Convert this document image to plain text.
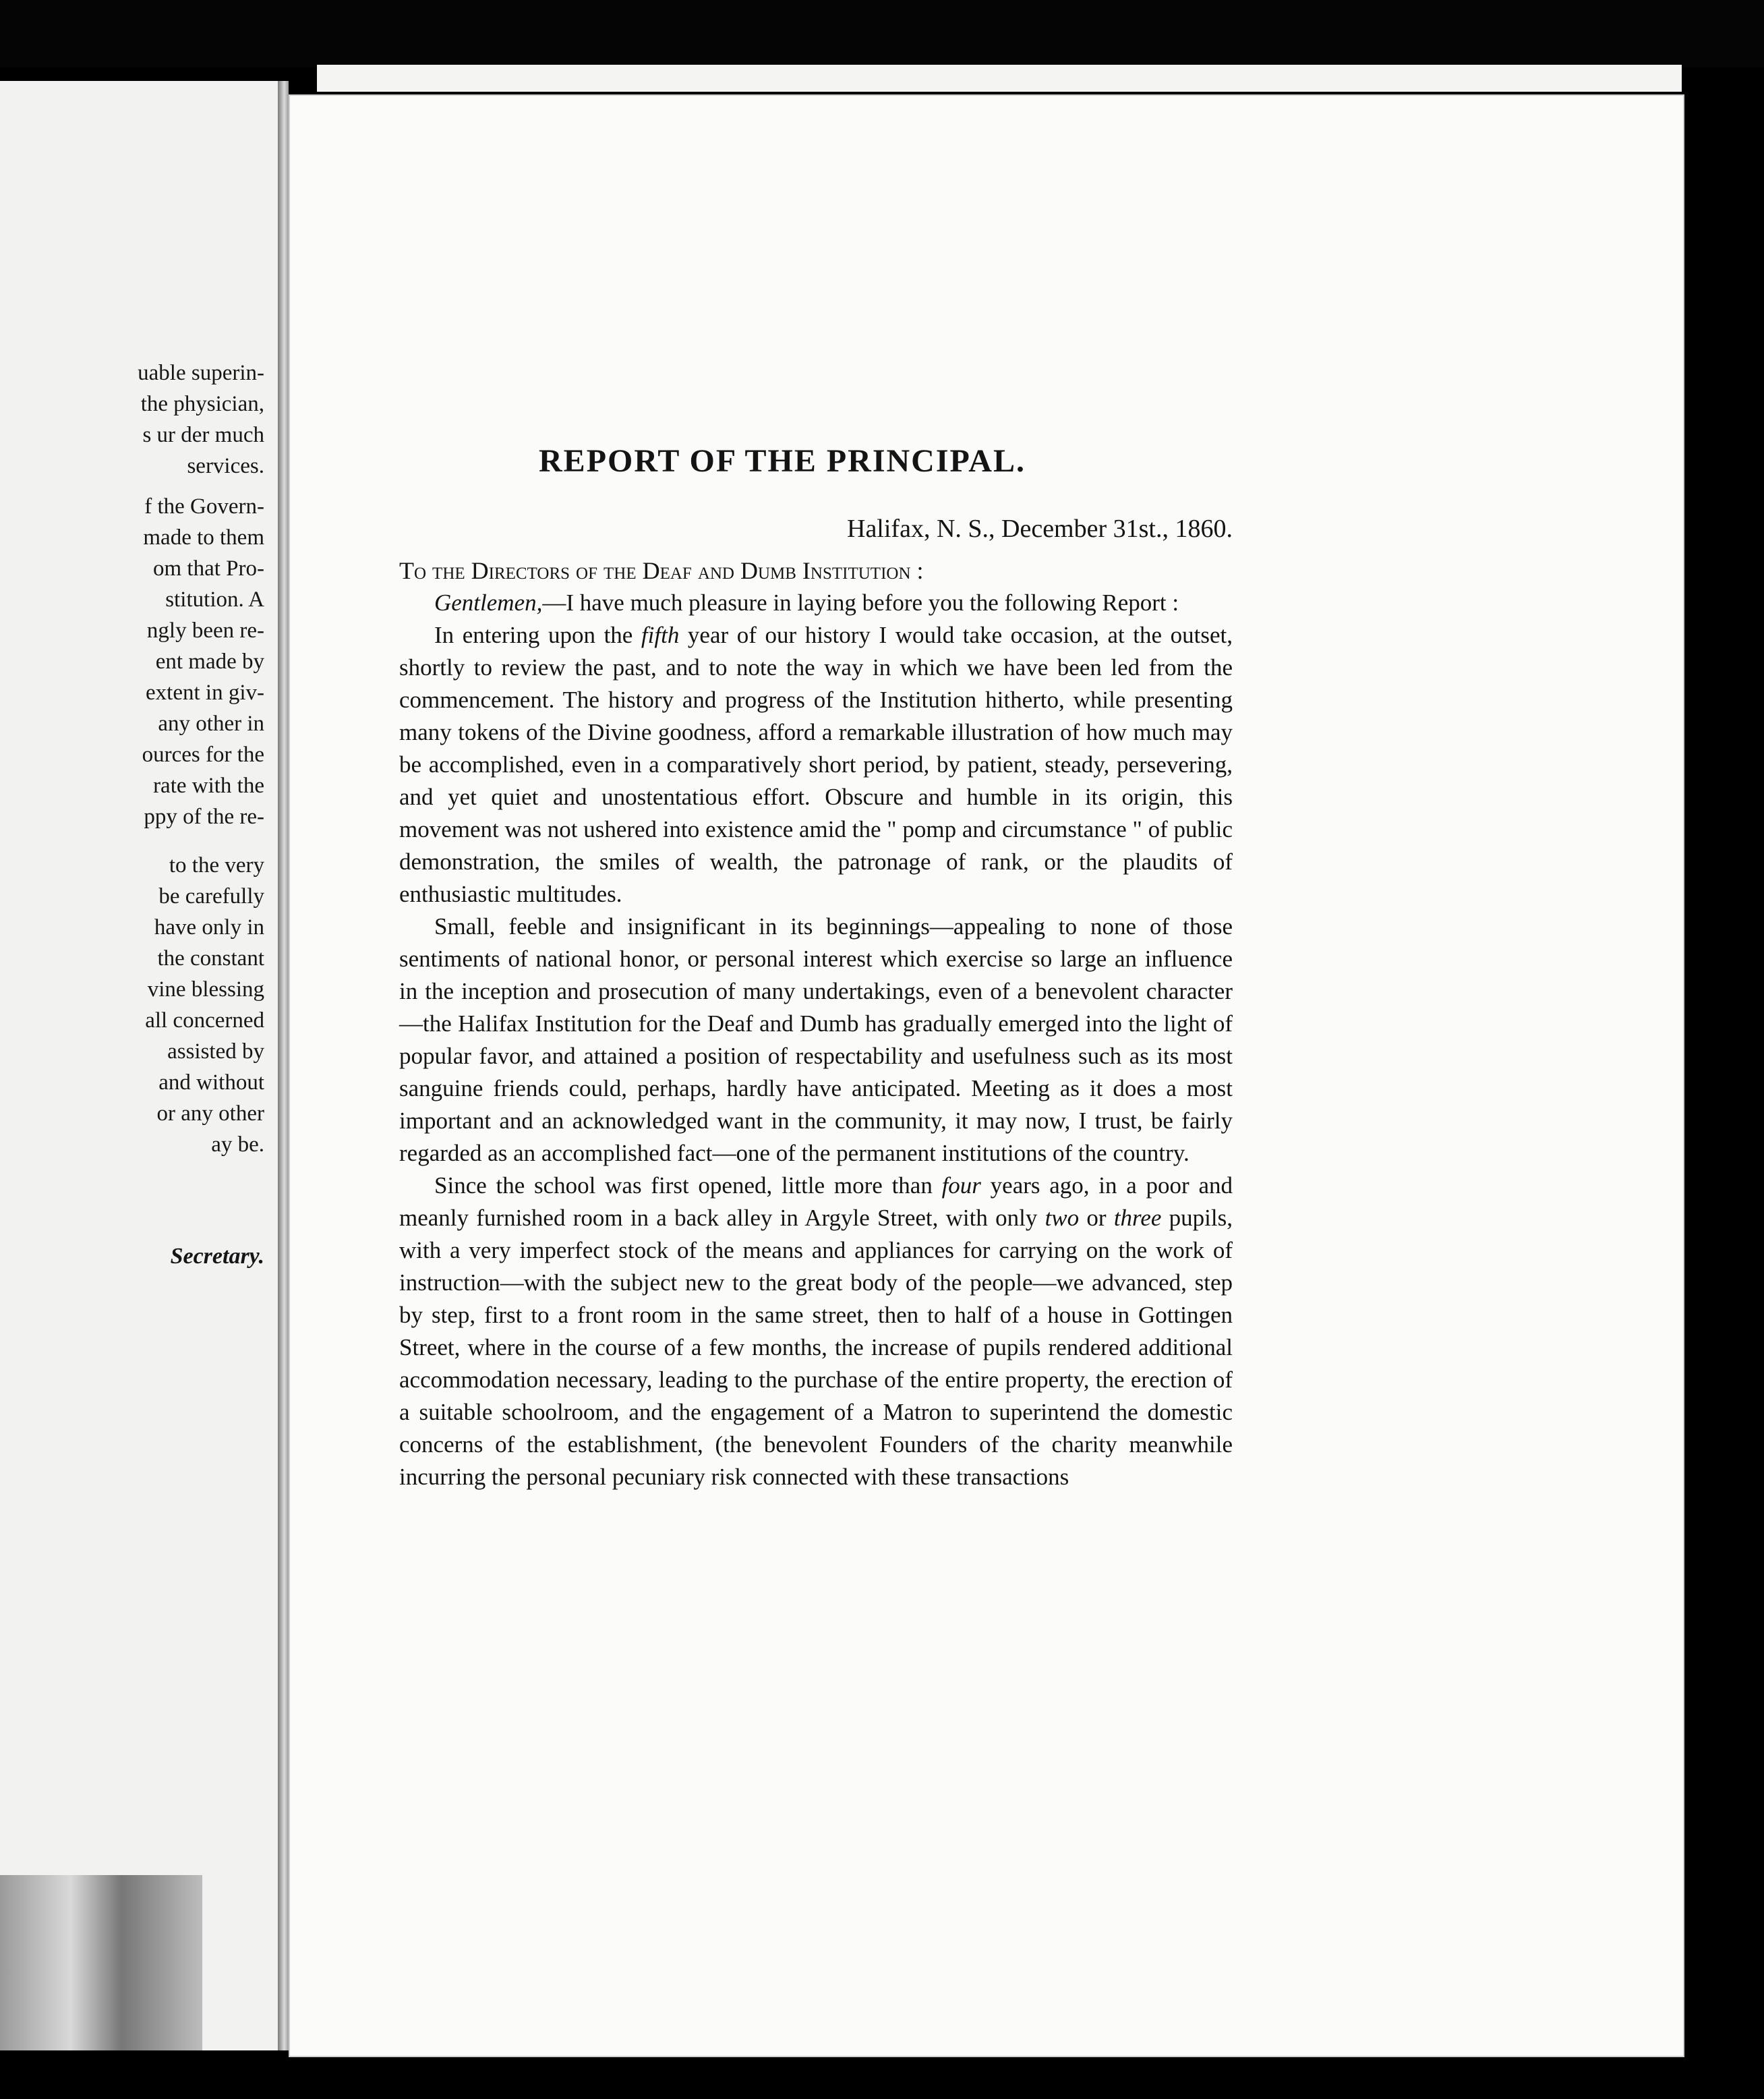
uable superin-
the physician,
s ur der much
services.
f the Govern-
made to them
om that Pro-
stitution. A
ngly been re-
ent made by
extent in giv-
any other in
ources for the
rate with the
ppy of the re-
to the very
be carefully
have only in
the constant
vine blessing
all concerned
assisted by
and without
or any other
ay be.
Secretary.
REPORT OF THE PRINCIPAL.
Halifax, N. S., December 31st., 1860.

To the Directors of the Deaf and Dumb Institution :

Gentlemen,—I have much pleasure in laying before you the following Report :

In entering upon the fifth year of our history I would take occasion, at the outset, shortly to review the past, and to note the way in which we have been led from the commencement. The history and progress of the Institution hitherto, while presenting many tokens of the Divine goodness, afford a remarkable illustration of how much may be accomplished, even in a comparatively short period, by patient, steady, persevering, and yet quiet and unostentatious effort. Obscure and humble in its origin, this movement was not ushered into existence amid the " pomp and circumstance " of public demonstration, the smiles of wealth, the patronage of rank, or the plaudits of enthusiastic multitudes.

Small, feeble and insignificant in its beginnings—appealing to none of those sentiments of national honor, or personal interest which exercise so large an influence in the inception and prosecution of many undertakings, even of a benevolent character—the Halifax Institution for the Deaf and Dumb has gradually emerged into the light of popular favor, and attained a position of respectability and usefulness such as its most sanguine friends could, perhaps, hardly have anticipated. Meeting as it does a most important and an acknowledged want in the community, it may now, I trust, be fairly regarded as an accomplished fact—one of the permanent institutions of the country.

Since the school was first opened, little more than four years ago, in a poor and meanly furnished room in a back alley in Argyle Street, with only two or three pupils, with a very imperfect stock of the means and appliances for carrying on the work of instruction—with the subject new to the great body of the people—we advanced, step by step, first to a front room in the same street, then to half of a house in Gottingen Street, where in the course of a few months, the increase of pupils rendered additional accommodation necessary, leading to the purchase of the entire property, the erection of a suitable schoolroom, and the engagement of a Matron to superintend the domestic concerns of the establishment, (the benevolent Founders of the charity meanwhile incurring the personal pecuniary risk connected with these transactions
